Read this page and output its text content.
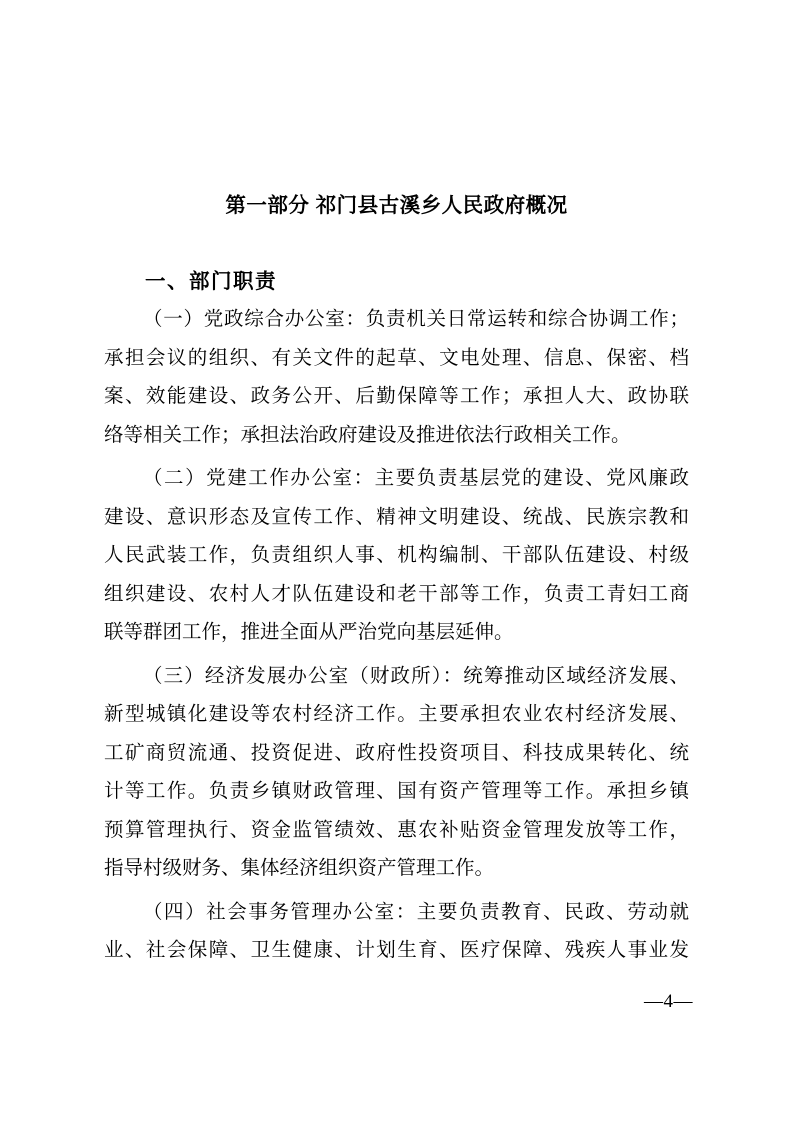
第一部分 祁门县古溪乡人民政府概况
一、部门职责
（一）党政综合办公室：负责机关日常运转和综合协调工作；
承担会议的组织、有关文件的起草、文电处理、信息、保密、档
案、效能建设、政务公开、后勤保障等工作；承担人大、政协联
络等相关工作；承担法治政府建设及推进依法行政相关工作。
（二）党建工作办公室：主要负责基层党的建设、党风廉政
建设、意识形态及宣传工作、精神文明建设、统战、民族宗教和
人民武装工作，负责组织人事、机构编制、干部队伍建设、村级
组织建设、农村人才队伍建设和老干部等工作，负责工青妇工商
联等群团工作，推进全面从严治党向基层延伸。
（三）经济发展办公室（财政所）：统筹推动区域经济发展、
新型城镇化建设等农村经济工作。主要承担农业农村经济发展、
工矿商贸流通、投资促进、政府性投资项目、科技成果转化、统
计等工作。负责乡镇财政管理、国有资产管理等工作。承担乡镇
预算管理执行、资金监管绩效、惠农补贴资金管理发放等工作，
指导村级财务、集体经济组织资产管理工作。
（四）社会事务管理办公室：主要负责教育、民政、劳动就
业、社会保障、卫生健康、计划生育、医疗保障、残疾人事业发
—4—
